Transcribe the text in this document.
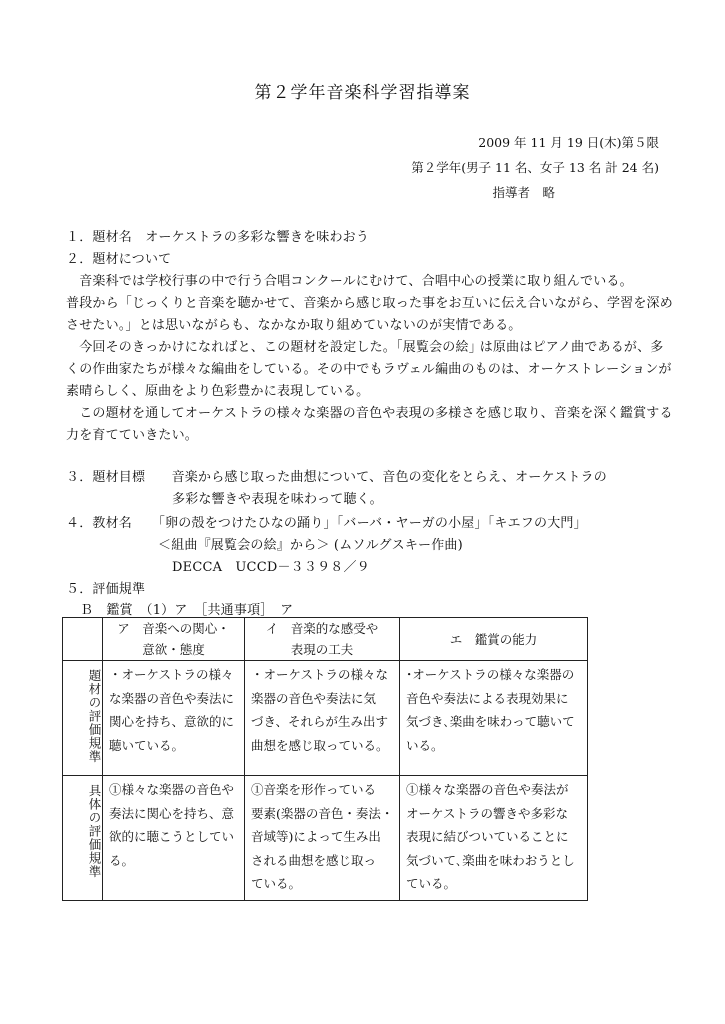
第２学年音楽科学習指導案
2009 年 11 月 19 日(木)第５限
第２学年(男子 11 名、女子 13 名 計 24 名)
指導者　略
１．題材名　オーケストラの多彩な響きを味わおう
２．題材について
　音楽科では学校行事の中で行う合唱コンクールにむけて、合唱中心の授業に取り組んでいる。
普段から「じっくりと音楽を聴かせて、音楽から感じ取った事をお互いに伝え合いながら、学習を深め
させたい。」とは思いながらも、なかなか取り組めていないのが実情である。
　今回そのきっかけになればと、この題材を設定した。｢展覧会の絵｣ は原曲はピアノ曲であるが、多
くの作曲家たちが様々な編曲をしている。その中でもラヴェル編曲のものは、オーケストレーションが
素晴らしく、原曲をより色彩豊かに表現している。
　この題材を通してオーケストラの様々な楽器の音色や表現の多様さを感じ取り、音楽を深く鑑賞する
力を育てていきたい。
３．題材目標　　音楽から感じ取った曲想について、音色の変化をとらえ、オーケストラの
多彩な響きや表現を味わって聴く。
４．教材名　　「卵の殻をつけたひなの踊り」「バーバ・ヤーガの小屋」「キエフの大門」
＜組曲『展覧会の絵』から＞ (ムソルグスキー作曲)
DECCA　UCCD－３３９８／９
５．評価規準
Ｂ　鑑賞　（1）ア　［共通事項］　ア

	ア　音楽への関心・
意欲・態度	イ　音楽的な感受や
表現の工夫	エ　鑑賞の能力

題材の評価規準	・オーケストラの様々
な楽器の音色や奏法に
関心を持ち、意欲的に
聴いている。	・オーケストラの様々な
楽器の音色や奏法に気
づき、それらが生み出す
曲想を感じ取っている。	･オーケストラの様々な楽器の
音色や奏法による表現効果に
気づき､楽曲を味わって聴いて
いる。

具体の評価規準	①様々な楽器の音色や
奏法に関心を持ち、意
欲的に聴こうとしてい
る。	①音楽を形作っている
要素(楽器の音色・奏法・
音域等)によって生み出
される曲想を感じ取っ
ている。	①様々な楽器の音色や奏法が
オーケストラの響きや多彩な
表現に結びついていることに
気づいて､楽曲を味わおうとし
ている。
